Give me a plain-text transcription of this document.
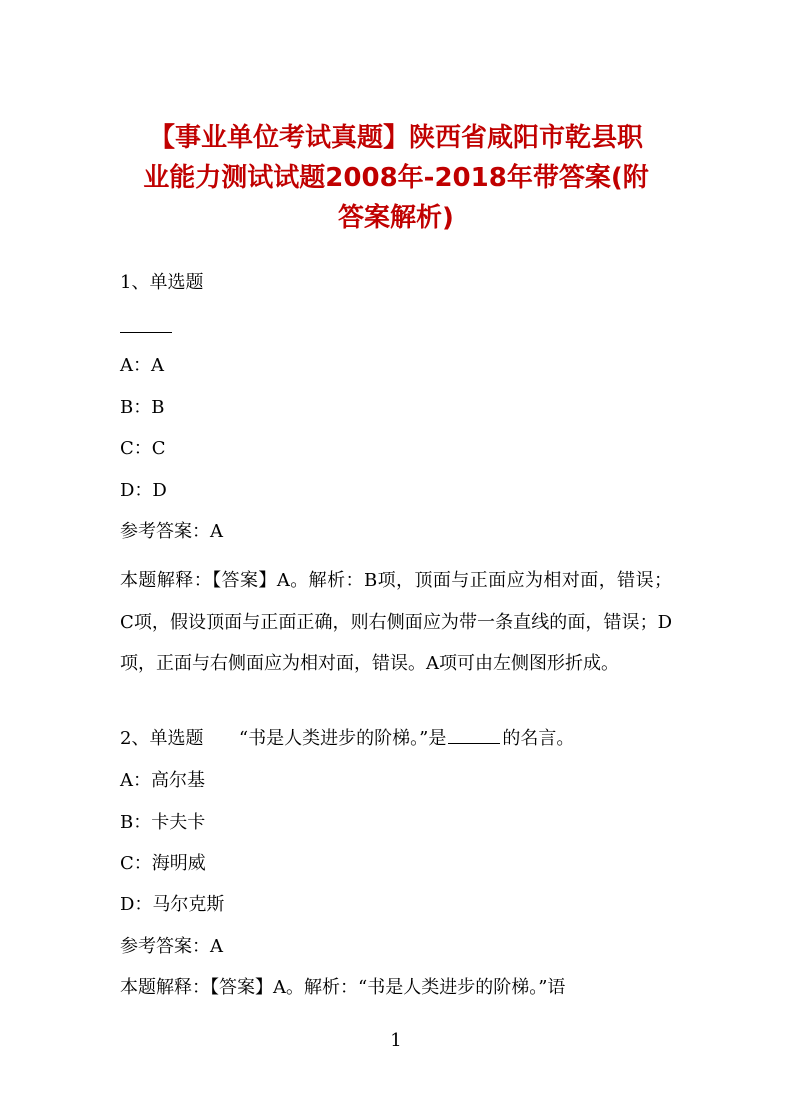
【事业单位考试真题】陕西省咸阳市乾县职
业能力测试试题2008年-2018年带答案(附
答案解析)
1、单选题
A：A
B：B
C：C
D：D
参考答案：A
本题解释：【答案】A。解析：B项，顶面与正面应为相对面，错误；C项，假设顶面与正面正确，则右侧面应为带一条直线的面，错误；D项，正面与右侧面应为相对面，错误。A项可由左侧图形折成。
2、单选题 “书是人类进步的阶梯。”是	的名言。
A：高尔基
B：卡夫卡
C：海明威
D：马尔克斯
参考答案：A
本题解释：【答案】A。解析：“书是人类进步的阶梯。”语
1
